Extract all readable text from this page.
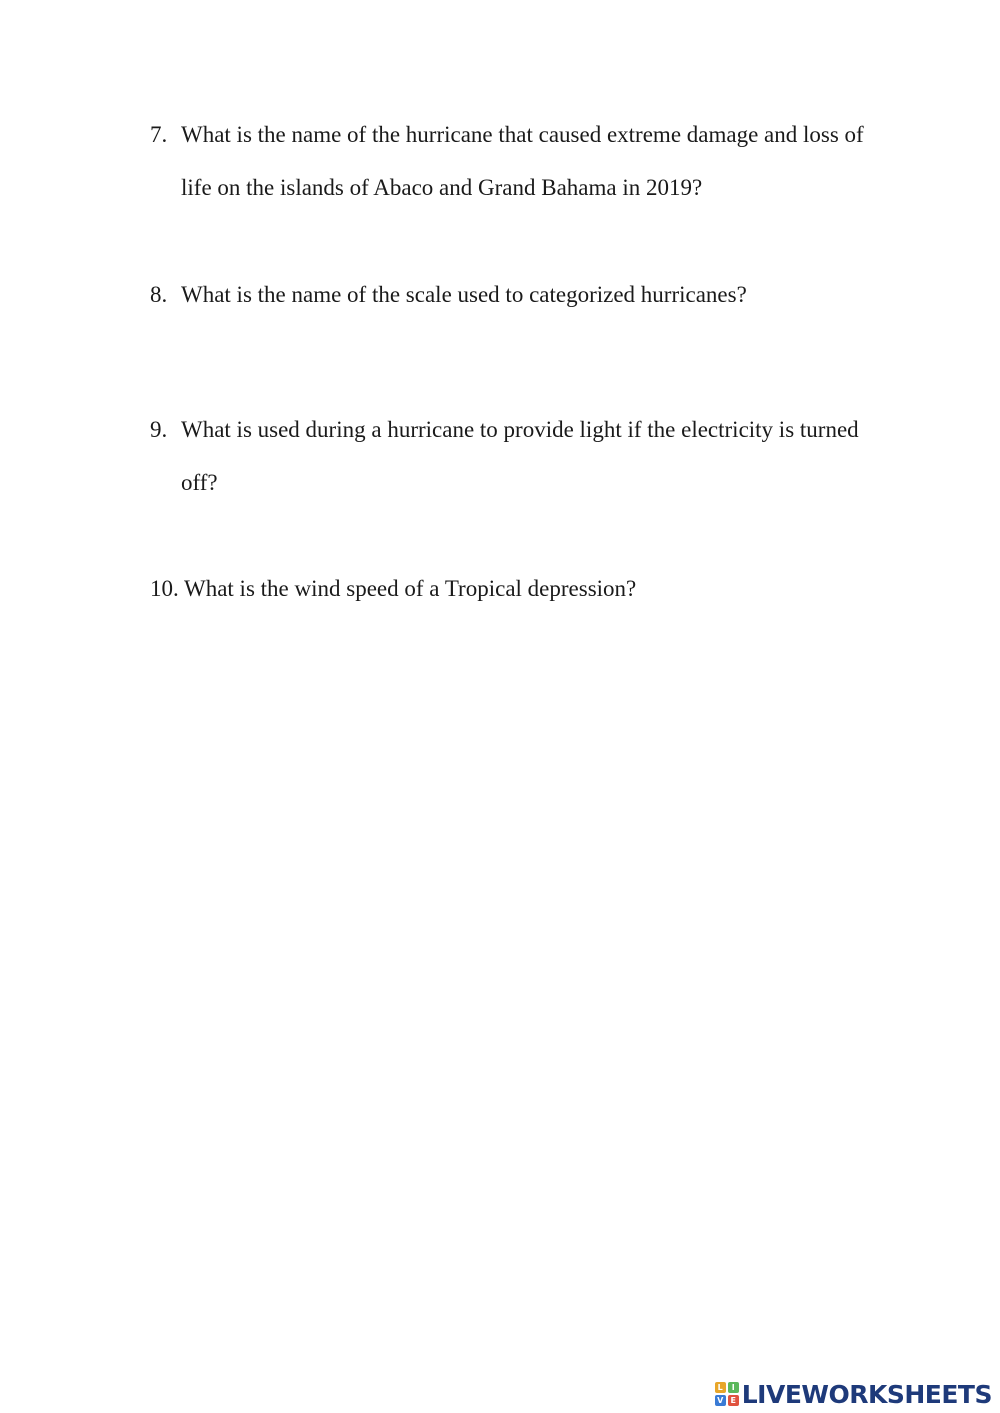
7. What is the name of the hurricane that caused extreme damage and loss of life on the islands of Abaco and Grand Bahama in 2019?
8. What is the name of the scale used to categorized hurricanes?
9. What is used during a hurricane to provide light if the electricity is turned off?
10. What is the wind speed of a Tropical depression?
L	I
V E LIVEWORKSHEETS
